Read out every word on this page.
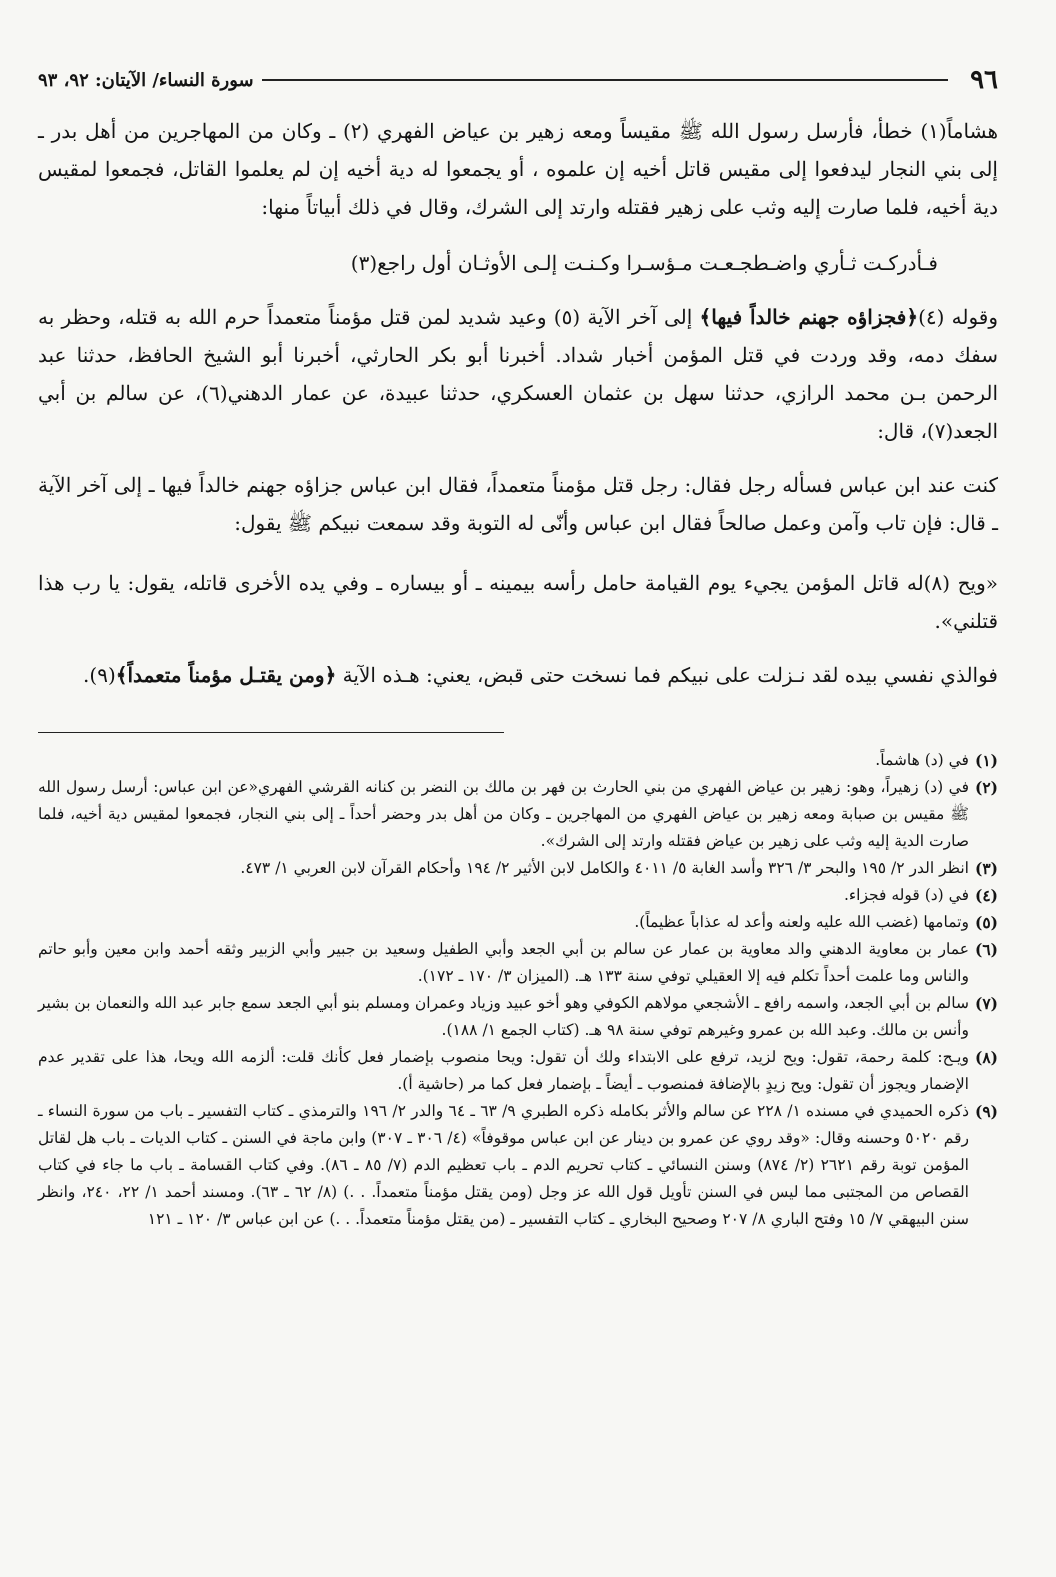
٩٦
سورة النساء/ الآيتان: ٩٢، ٩٣

هشاماً(١) خطأ، فأرسل رسول الله ﷺ مقيساً ومعه زهير بن عياض الفهري (٢) ـ وكان من المهاجرين من أهل بدر ـ إلى بني النجار ليدفعوا إلى مقيس قاتل أخيه إن علموه ، أو يجمعوا له دية أخيه إن لم يعلموا القاتل، فجمعوا لمقيس دية أخيه، فلما صارت إليه وثب على زهير فقتله وارتد إلى الشرك، وقال في ذلك أبياتاً منها:

فـأدركـت ثـأري واضـطجـعـت مـؤسـرا وكـنـت إلـى الأوثـان أول راجع(٣)

وقوله (٤)﴿فجزاؤه جهنم خالداً فيها﴾ إلى آخر الآية (٥) وعيد شديد لمن قتل مؤمناً متعمداً حرم الله به قتله، وحظر به سفك دمه، وقد وردت في قتل المؤمن أخبار شداد. أخبرنا أبو بكر الحارثي، أخبرنا أبو الشيخ الحافظ، حدثنا عبد الرحمن بـن محمد الرازي، حدثنا سهل بن عثمان العسكري، حدثنا عبيدة، عن عمار الدهني(٦)، عن سالم بن أبي الجعد(٧)، قال:

كنت عند ابن عباس فسأله رجل فقال: رجل قتل مؤمناً متعمداً، فقال ابن عباس جزاؤه جهنم خالداً فيها ـ إلى آخر الآية ـ قال: فإن تاب وآمن وعمل صالحاً فقال ابن عباس وأنّى له التوبة وقد سمعت نبيكم ﷺ يقول:

«ويح (٨)له قاتل المؤمن يجيء يوم القيامة حامل رأسه بيمينه ـ أو بيساره ـ وفي يده الأخرى قاتله، يقول: يا رب هذا قتلني».

فوالذي نفسي بيده لقد نـزلت على نبيكم فما نسخت حتى قبض، يعني: هـذه الآية ﴿ومن يقتـل مؤمناً متعمداً﴾(٩).

(١)
في (د) هاشماً.
(٢)
في (د) زهيراً، وهو: زهير بن عياض الفهري من بني الحارث بن فهر بن مالك بن النضر بن كنانه القرشي الفهري«عن ابن عباس: أرسل رسول الله ﷺ مقيس بن صبابة ومعه زهير بن عياض الفهري من المهاجرين ـ وكان من أهل بدر وحضر أحداً ـ إلى بني النجار، فجمعوا لمقيس دية أخيه، فلما صارت الدية إليه وثب على زهير بن عياض فقتله وارتد إلى الشرك».
(٣)
انظر الدر ٢/ ١٩٥ والبحر ٣/ ٣٢٦ وأسد الغابة ٥/ ٤٠١١ والكامل لابن الأثير ٢/ ١٩٤ وأحكام القرآن لابن العربي ١/ ٤٧٣.
(٤)
في (د) قوله فجزاء.
(٥)
وتمامها (غضب الله عليه ولعنه وأعد له عذاباً عظيماً).
(٦)
عمار بن معاوية الدهني والد معاوية بن عمار عن سالم بن أبي الجعد وأبي الطفيل وسعيد بن جبير وأبي الزبير وثقه أحمد وابن معين وأبو حاتم والناس وما علمت أحداً تكلم فيه إلا العقيلي توفي سنة ١٣٣ هـ. (الميزان ٣/ ١٧٠ ـ ١٧٢).
(٧)
سالم بن أبي الجعد، واسمه رافع ـ الأشجعي مولاهم الكوفي وهو أخو عبيد وزياد وعمران ومسلم بنو أبي الجعد سمع جابر عبد الله والنعمان بن بشير وأنس بن مالك. وعبد الله بن عمرو وغيرهم توفي سنة ٩٨ هـ. (كتاب الجمع ١/ ١٨٨).
(٨)
ويـح: كلمة رحمة، تقول: ويح لزيد، ترفع على الابتداء ولك أن تقول: ويحا منصوب بإضمار فعل كأنك قلت: ألزمه الله ويحا، هذا على تقدير عدم الإضمار ويجوز أن تقول: ويح زيدٍ بالإضافة فمنصوب ـ أيضاً ـ بإضمار فعل كما مر (حاشية أ).
(٩)
ذكره الحميدي في مسنده ١/ ٢٢٨ عن سالم والأثر بكامله ذكره الطبري ٩/ ٦٣ ـ ٦٤ والدر ٢/ ١٩٦ والترمذي ـ كتاب التفسير ـ باب من سورة النساء ـ رقم ٥٠٢٠ وحسنه وقال: «وقد روي عن عمرو بن دينار عن ابن عباس موقوفاً» (٤/ ٣٠٦ ـ ٣٠٧) وابن ماجة في السنن ـ كتاب الديات ـ باب هل لقاتل المؤمن توبة رقم ٢٦٢١ (٢/ ٨٧٤) وسنن النسائي ـ كتاب تحريم الدم ـ باب تعظيم الدم (٧/ ٨٥ ـ ٨٦). وفي كتاب القسامة ـ باب ما جاء في كتاب القصاص من المجتبى مما ليس في السنن تأويل قول الله عز وجل (ومن يقتل مؤمناً متعمداً. . .) (٨/ ٦٢ ـ ٦٣). ومسند أحمد ١/ ٢٢، ٢٤٠، وانظر سنن البيهقي ٧/ ١٥ وفتح الباري ٨/ ٢٠٧ وصحيح البخاري ـ كتاب التفسير ـ (من يقتل مؤمناً متعمداً. . .) عن ابن عباس ٣/ ١٢٠ ـ ١٢١
